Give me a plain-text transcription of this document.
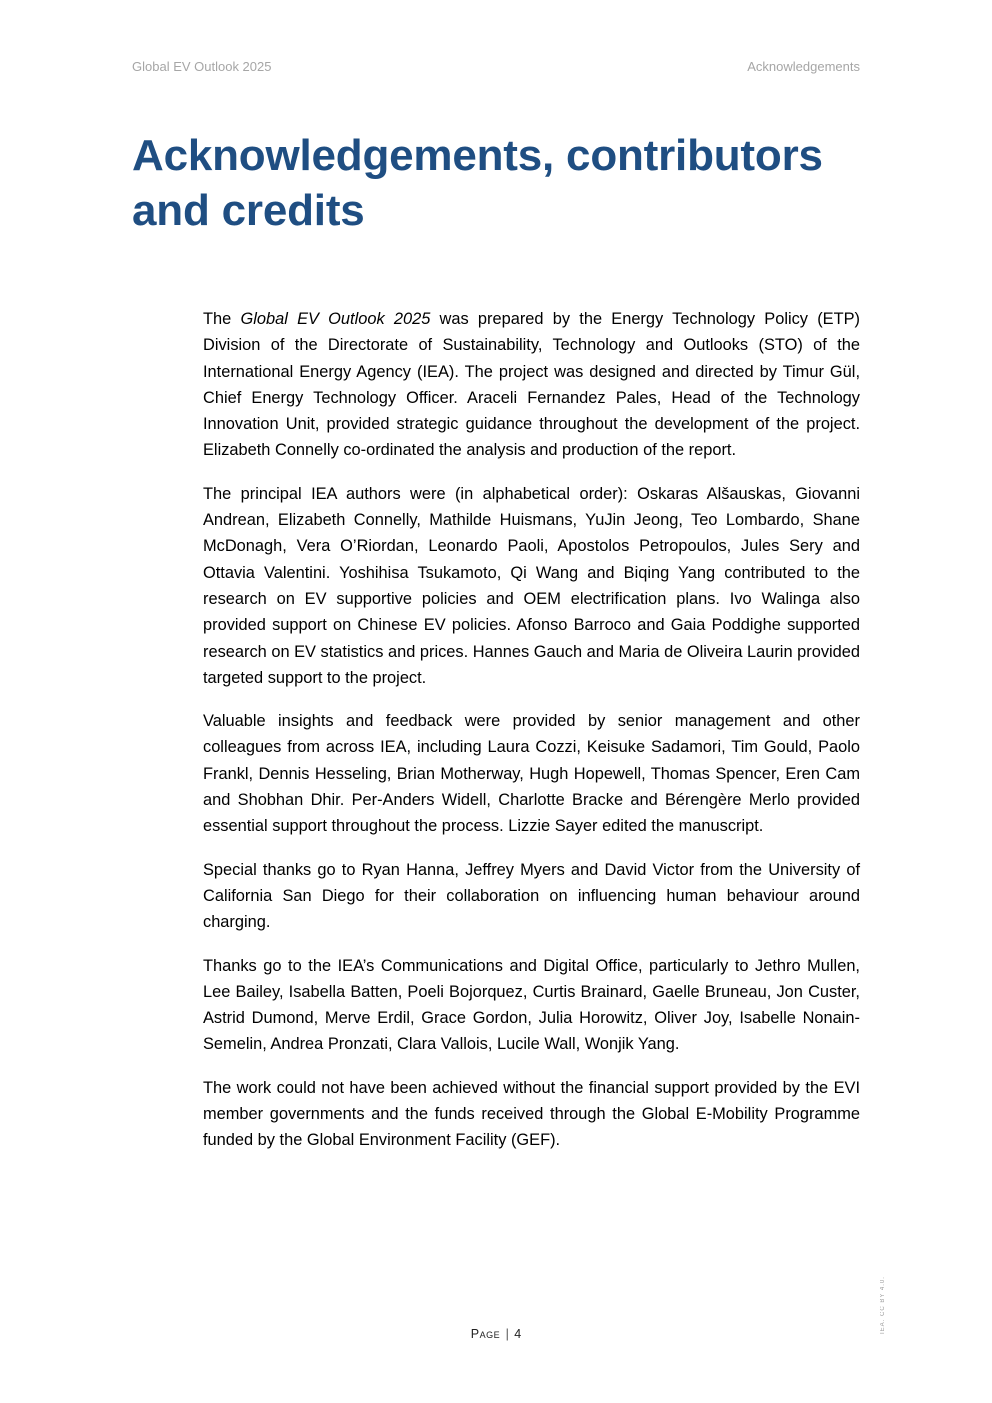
Global EV Outlook 2025	Acknowledgements
Acknowledgements, contributors and credits

The Global EV Outlook 2025 was prepared by the Energy Technology Policy (ETP) Division of the Directorate of Sustainability, Technology and Outlooks (STO) of the International Energy Agency (IEA). The project was designed and directed by Timur Gül, Chief Energy Technology Officer. Araceli Fernandez Pales, Head of the Technology Innovation Unit, provided strategic guidance throughout the development of the project. Elizabeth Connelly co-ordinated the analysis and production of the report.

The principal IEA authors were (in alphabetical order): Oskaras Alšauskas, Giovanni Andrean, Elizabeth Connelly, Mathilde Huismans, YuJin Jeong, Teo Lombardo, Shane McDonagh, Vera O’Riordan, Leonardo Paoli, Apostolos Petropoulos, Jules Sery and Ottavia Valentini. Yoshihisa Tsukamoto, Qi Wang and Biqing Yang contributed to the research on EV supportive policies and OEM electrification plans. Ivo Walinga also provided support on Chinese EV policies. Afonso Barroco and Gaia Poddighe supported research on EV statistics and prices. Hannes Gauch and Maria de Oliveira Laurin provided targeted support to the project.

Valuable insights and feedback were provided by senior management and other colleagues from across IEA, including Laura Cozzi, Keisuke Sadamori, Tim Gould, Paolo Frankl, Dennis Hesseling, Brian Motherway, Hugh Hopewell, Thomas Spencer, Eren Cam and Shobhan Dhir. Per-Anders Widell, Charlotte Bracke and Bérengère Merlo provided essential support throughout the process. Lizzie Sayer edited the manuscript.

Special thanks go to Ryan Hanna, Jeffrey Myers and David Victor from the University of California San Diego for their collaboration on influencing human behaviour around charging.

Thanks go to the IEA’s Communications and Digital Office, particularly to Jethro Mullen, Lee Bailey, Isabella Batten, Poeli Bojorquez, Curtis Brainard, Gaelle Bruneau, Jon Custer, Astrid Dumond, Merve Erdil, Grace Gordon, Julia Horowitz, Oliver Joy, Isabelle Nonain-Semelin, Andrea Pronzati, Clara Vallois, Lucile Wall, Wonjik Yang.

The work could not have been achieved without the financial support provided by the EVI member governments and the funds received through the Global E-Mobility Programme funded by the Global Environment Facility (GEF).

Page | 4	IEA. CC BY 4.0.
